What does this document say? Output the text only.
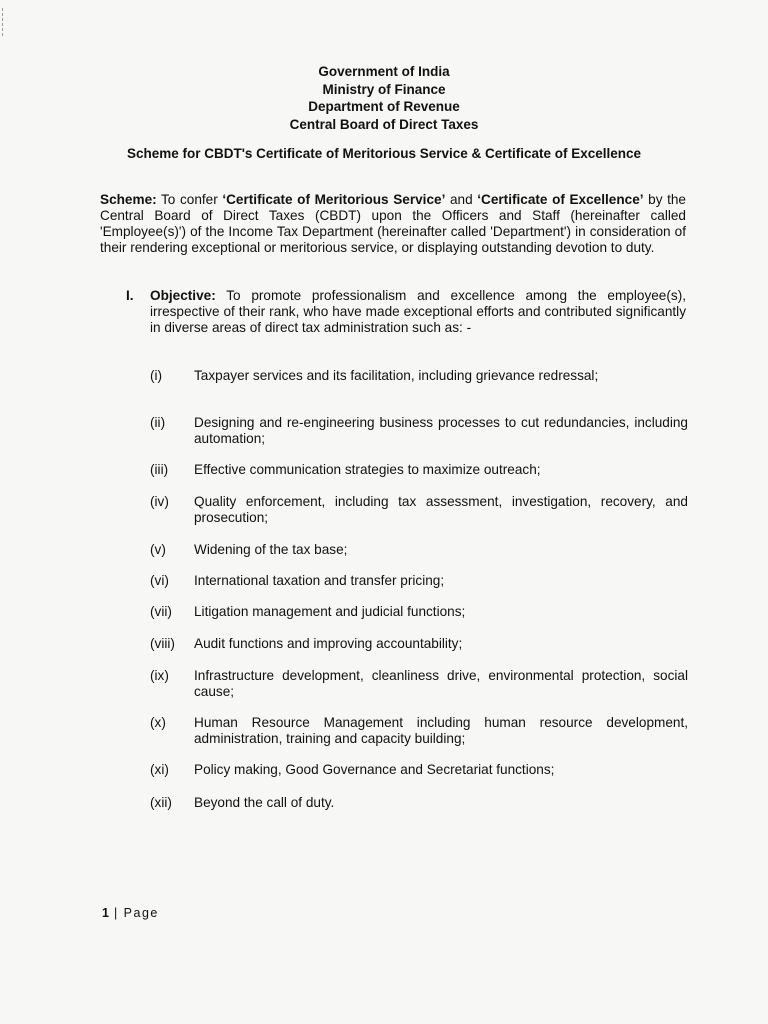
Government of India
Ministry of Finance
Department of Revenue
Central Board of Direct Taxes
Scheme for CBDT's Certificate of Meritorious Service & Certificate of Excellence
Scheme: To confer ‘Certificate of Meritorious Service’ and ‘Certificate of Excellence’ by the Central Board of Direct Taxes (CBDT) upon the Officers and Staff (hereinafter called 'Employee(s)') of the Income Tax Department (hereinafter called 'Department') in consideration of their rendering exceptional or meritorious service, or displaying outstanding devotion to duty.
I. Objective: To promote professionalism and excellence among the employee(s), irrespective of their rank, who have made exceptional efforts and contributed significantly in diverse areas of direct tax administration such as: -
(i)	Taxpayer services and its facilitation, including grievance redressal;
(ii)	Designing and re-engineering business processes to cut redundancies, including automation;
(iii)	Effective communication strategies to maximize outreach;
(iv)	Quality enforcement, including tax assessment, investigation, recovery, and prosecution;
(v)	Widening of the tax base;
(vi)	International taxation and transfer pricing;
(vii)	Litigation management and judicial functions;
(viii)	Audit functions and improving accountability;
(ix)	Infrastructure development, cleanliness drive, environmental protection, social cause;
(x)	Human Resource Management including human resource development, administration, training and capacity building;
(xi)	Policy making, Good Governance and Secretariat functions;
(xii)	Beyond the call of duty.
1 | Page
